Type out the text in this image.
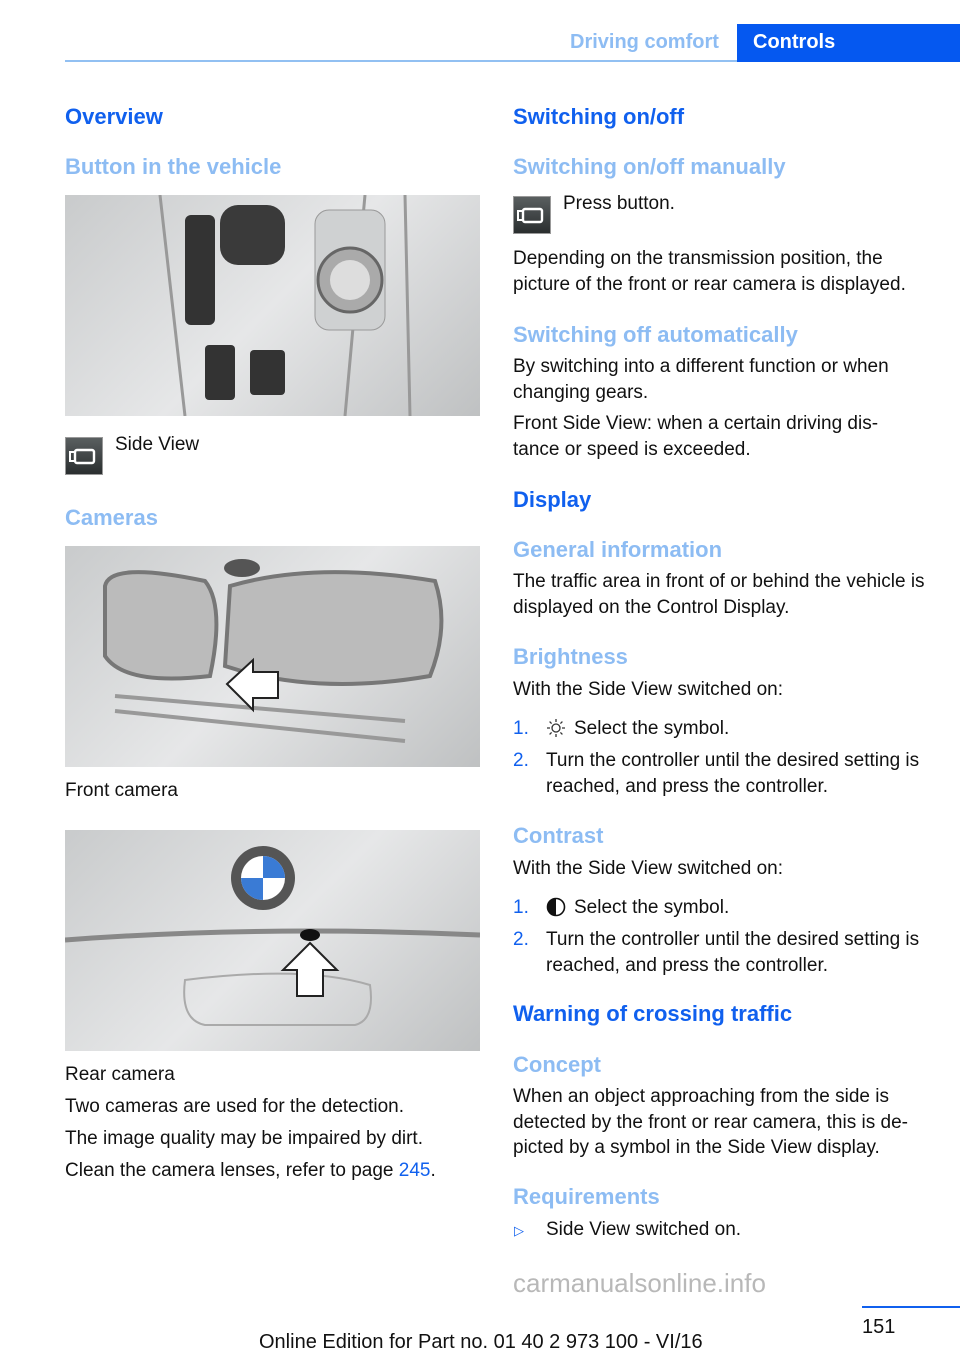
Driving comfort	Controls
Overview
Button in the vehicle
Side View
Cameras
Front camera
Rear camera
Two cameras are used for the detection.
The image quality may be impaired by dirt.
Clean the camera lenses, refer to page 245.
Switching on/off
Switching on/off manually
Press button.
Depending on the transmission position, the picture of the front or rear camera is displayed.
Switching off automatically
By switching into a different function or when changing gears.
Front Side View: when a certain driving dis‐tance or speed is exceeded.
Display
General information
The traffic area in front of or behind the vehicle is displayed on the Control Display.
Brightness
With the Side View switched on:
1. Select the symbol.
2. Turn the controller until the desired setting is reached, and press the controller.
Contrast
With the Side View switched on:
1. Select the symbol.
2. Turn the controller until the desired setting is reached, and press the controller.
Warning of crossing traffic
Concept
When an object approaching from the side is detected by the front or rear camera, this is de‐picted by a symbol in the Side View display.
Requirements
▷ Side View switched on.
carmanualsonline.info
151
Online Edition for Part no. 01 40 2 973 100 - VI/16
